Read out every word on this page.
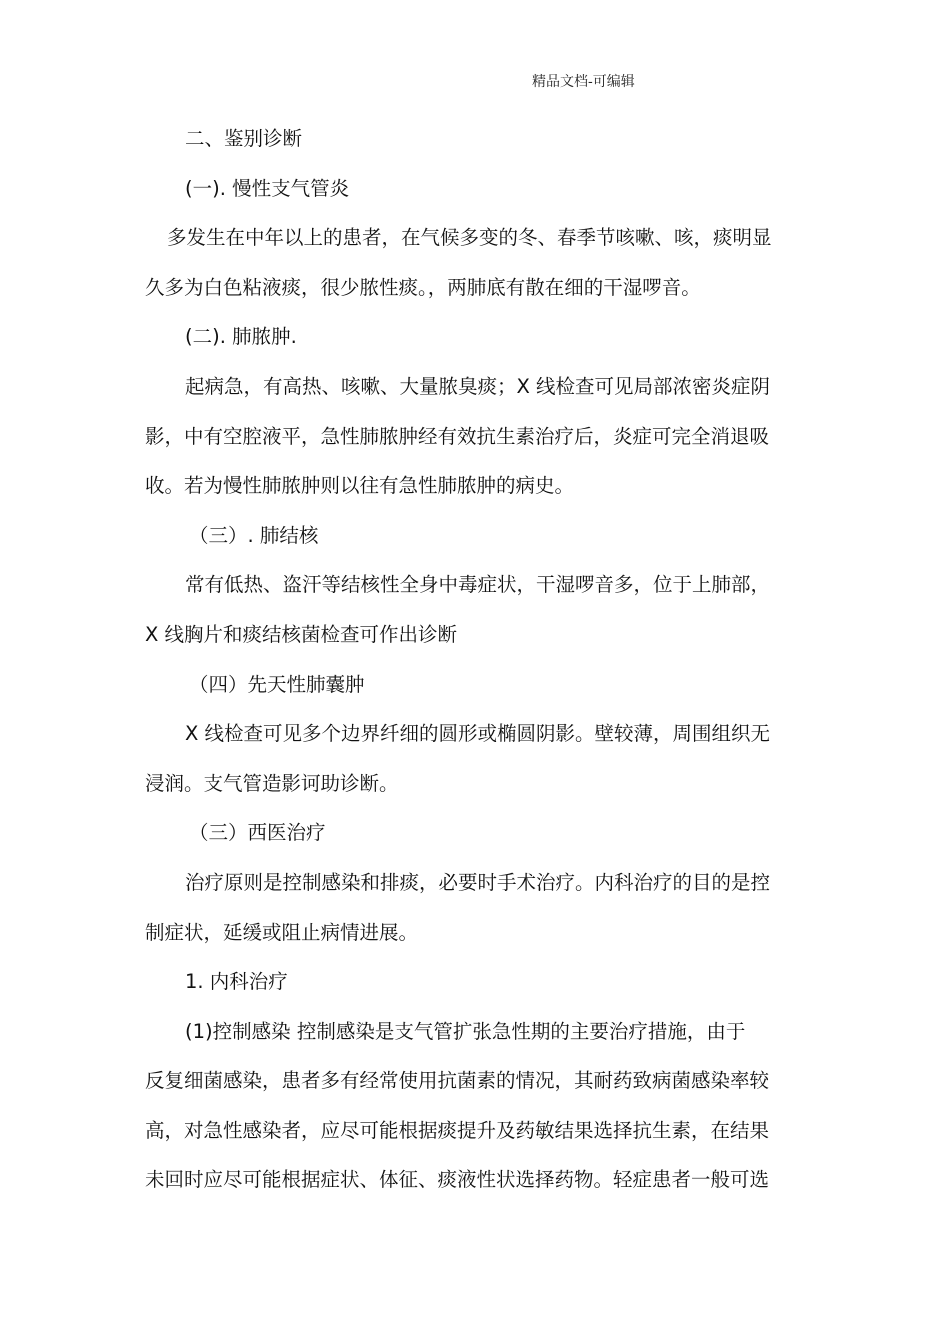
精品文档-可编辑

二、鉴别诊断

(一). 慢性支气管炎

多发生在中年以上的患者，在气候多变的冬、春季节咳嗽、咳，痰明显

久多为白色粘液痰，很少脓性痰。，两肺底有散在细的干湿啰音。

(二). 肺脓肿.

起病急，有高热、咳嗽、大量脓臭痰；X 线检查可见局部浓密炎症阴

影，中有空腔液平，急性肺脓肿经有效抗生素治疗后，炎症可完全消退吸

收。若为慢性肺脓肿则以往有急性肺脓肿的病史。

（三）. 肺结核

常有低热、盗汗等结核性全身中毒症状，干湿啰音多，位于上肺部，

X 线胸片和痰结核菌检查可作出诊断

（四）先天性肺囊肿

X 线检查可见多个边界纤细的圆形或椭圆阴影。壁较薄，周围组织无

浸润。支气管造影诃助诊断。

（三）西医治疗

治疗原则是控制感染和排痰，必要时手术治疗。内科治疗的目的是控

制症状，延缓或阻止病情进展。

1. 内科治疗

(1)控制感染 控制感染是支气管扩张急性期的主要治疗措施，由于

反复细菌感染，患者多有经常使用抗菌素的情况，其耐药致病菌感染率较

高，对急性感染者，应尽可能根据痰提升及药敏结果选择抗生素，在结果

未回时应尽可能根据症状、体征、痰液性状选择药物。轻症患者一般可选
